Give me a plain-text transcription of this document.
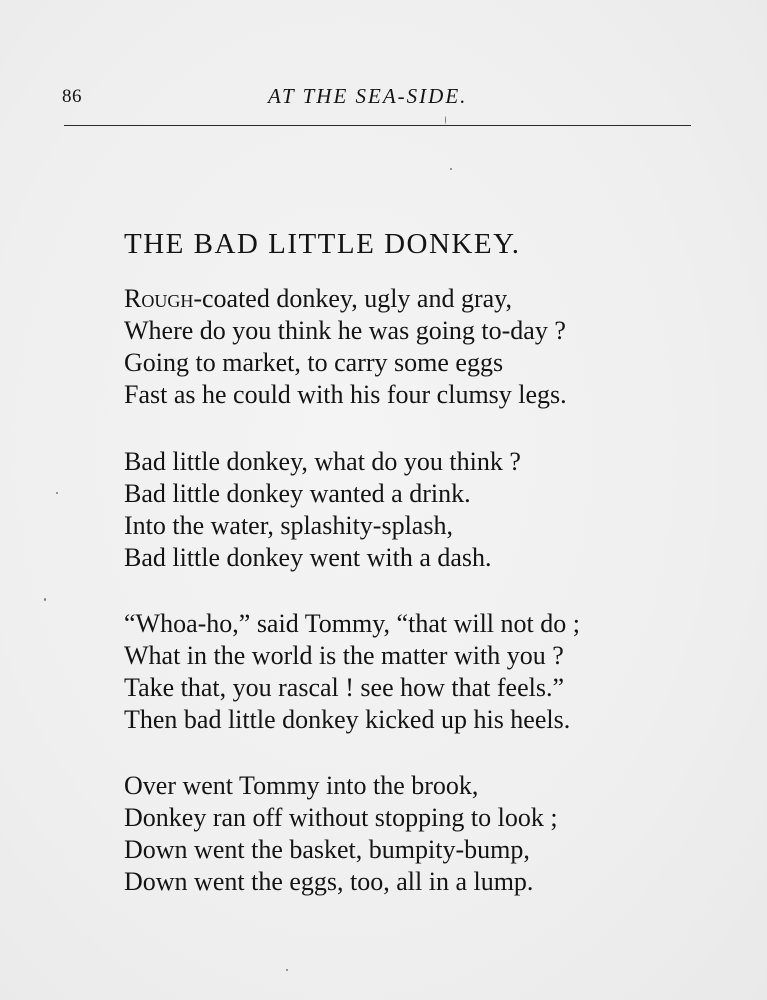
86	AT THE SEA-SIDE.
THE BAD LITTLE DONKEY.
Rough-coated donkey, ugly and gray,
Where do you think he was going to-day ?
Going to market, to carry some eggs
Fast as he could with his four clumsy legs.
Bad little donkey, what do you think ?
Bad little donkey wanted a drink.
Into the water, splashity-splash,
Bad little donkey went with a dash.
“Whoa-ho,” said Tommy, “that will not do ;
What in the world is the matter with you ?
Take that, you rascal ! see how that feels.”
Then bad little donkey kicked up his heels.
Over went Tommy into the brook,
Donkey ran off without stopping to look ;
Down went the basket, bumpity-bump,
Down went the eggs, too, all in a lump.
